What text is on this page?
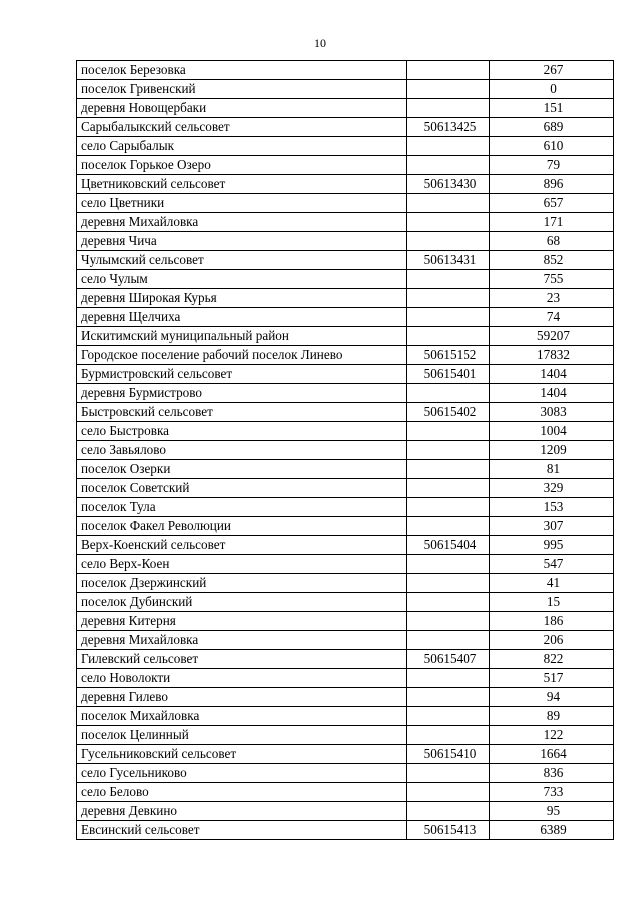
10
поселок Березовка		267
поселок Гривенский		0
деревня Новощербаки		151
Сарыбалыкский сельсовет	50613425	689
село Сарыбалык		610
поселок Горькое Озеро		79
Цветниковский сельсовет	50613430	896
село Цветники		657
деревня Михайловка		171
деревня Чича		68
Чулымский сельсовет	50613431	852
село Чулым		755
деревня Широкая Курья		23
деревня Щелчиха		74
Искитимский муниципальный район		59207
Городское поселение рабочий поселок Линево	50615152	17832
Бурмистровский сельсовет	50615401	1404
деревня Бурмистрово		1404
Быстровский сельсовет	50615402	3083
село Быстровка		1004
село Завьялово		1209
поселок Озерки		81
поселок Советский		329
поселок Тула		153
поселок Факел Революции		307
Верх-Коенский сельсовет	50615404	995
село Верх-Коен		547
поселок Дзержинский		41
поселок Дубинский		15
деревня Китерня		186
деревня Михайловка		206
Гилевский сельсовет	50615407	822
село Новолокти		517
деревня Гилево		94
поселок Михайловка		89
поселок Целинный		122
Гусельниковский сельсовет	50615410	1664
село Гусельниково		836
село Белово		733
деревня Девкино		95
Евсинский сельсовет	50615413	6389
